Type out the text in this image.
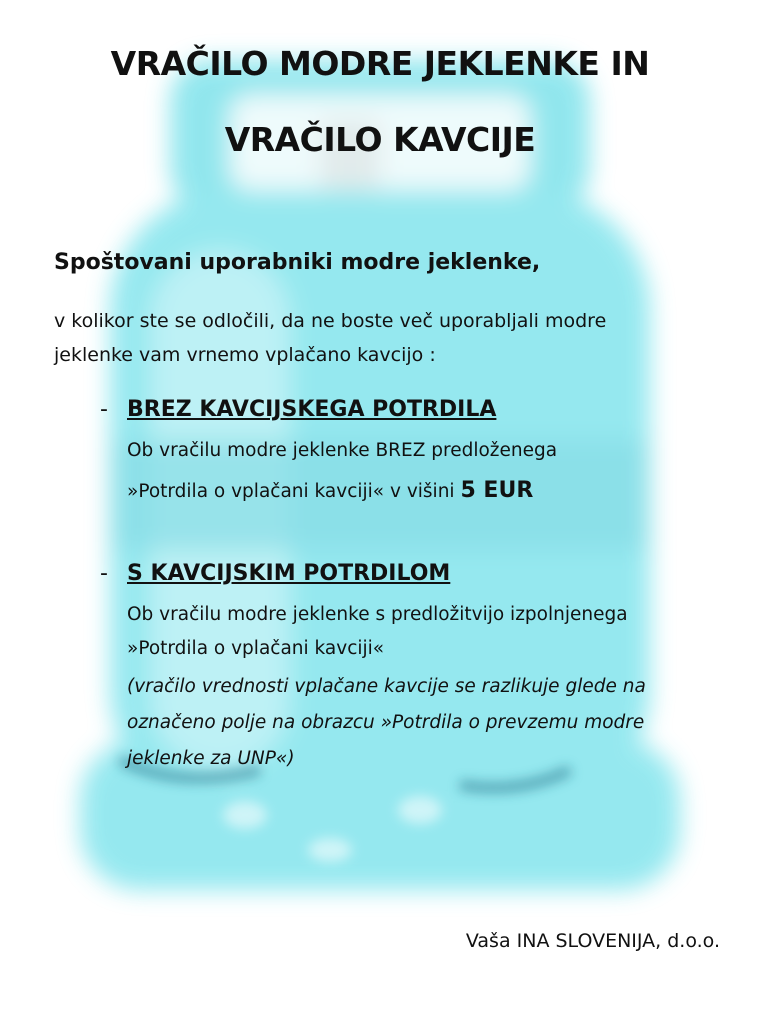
VRAČILO MODRE JEKLENKE IN
VRAČILO KAVCIJE

Spoštovani uporabniki modre jeklenke,

v kolikor ste se odločili, da ne boste več uporabljali modre
jeklenke vam vrnemo vplačano kavcijo :
- BREZ KAVCIJSKEGA POTRDILA
Ob vračilu modre jeklenke BREZ predloženega
»Potrdila o vplačani kavciji« v višini 5 EUR
- S KAVCIJSKIM POTRDILOM
Ob vračilu modre jeklenke s predložitvijo izpolnjenega
»Potrdila o vplačani kavciji«
(vračilo vrednosti vplačane kavcije se razlikuje glede na
označeno polje na obrazcu »Potrdila o prevzemu modre
jeklenke za UNP«)

Vaša INA SLOVENIJA, d.o.o.
